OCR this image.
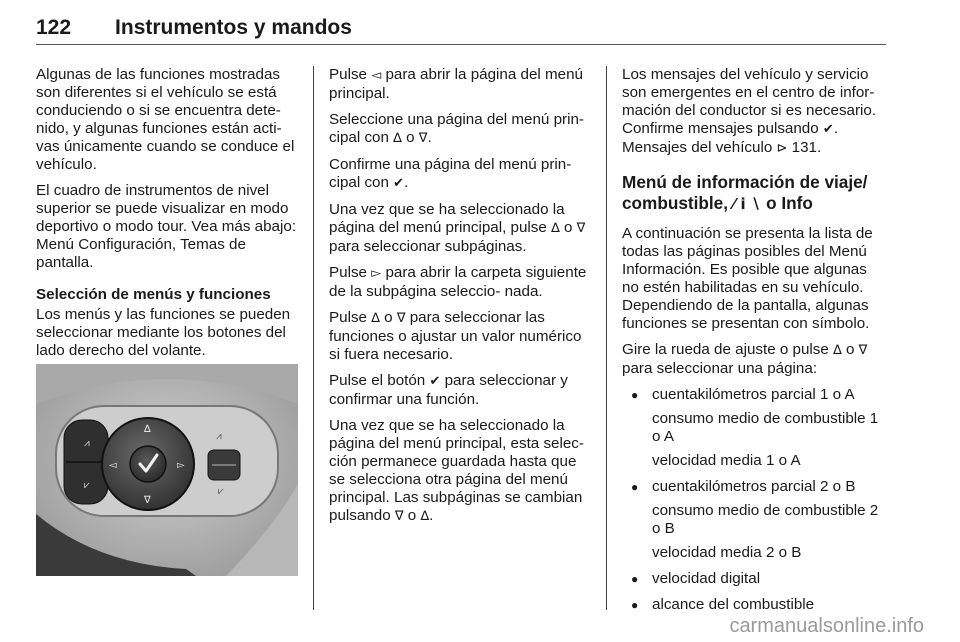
122 Instrumentos y mandos

Algunas de las funciones mostradas son diferentes si el vehículo se está conduciendo o si se encuentra dete- nido, y algunas funciones están acti- vas únicamente cuando se conduce el vehículo.

El cuadro de instrumentos de nivel superior se puede visualizar en modo deportivo o modo tour. Vea más abajo: Menú Configuración, Temas de pantalla.

Selección de menús y funciones

Los menús y las funciones se pueden seleccionar mediante los botones del lado derecho del volante.

⩘
⩗
∆
∇
◅	▻
⩘
⩗

Pulse ◅ para abrir la página del menú principal.

Seleccione una página del menú prin- cipal con ∆ o ∇.

Confirme una página del menú prin- cipal con ✔.

Una vez que se ha seleccionado la página del menú principal, pulse ∆ o ∇ para seleccionar subpáginas.

Pulse ▻ para abrir la carpeta siguiente de la subpágina seleccio- nada.

Pulse ∆ o ∇ para seleccionar las funciones o ajustar un valor numérico si fuera necesario.

Pulse el botón ✔ para seleccionar y confirmar una función.

Una vez que se ha seleccionado la página del menú principal, esta selec- ción permanece guardada hasta que se selecciona otra página del menú principal. Las subpáginas se cambian pulsando ∇ o ∆.

Los mensajes del vehículo y servicio son emergentes en el centro de infor- mación del conductor si es necesario. Confirme mensajes pulsando ✔.
Mensajes del vehículo ⊳ 131.

Menú de información de viaje/ combustible, ⁄ i ∖ o Info

A continuación se presenta la lista de todas las páginas posibles del Menú Información. Es posible que algunas no estén habilitadas en su vehículo. Dependiendo de la pantalla, algunas funciones se presentan con símbolo.

Gire la rueda de ajuste o pulse ∆ o ∇ para seleccionar una página:

● cuentakilómetros parcial 1 o A
consumo medio de combustible 1 o A
velocidad media 1 o A
● cuentakilómetros parcial 2 o B
consumo medio de combustible 2 o B
velocidad media 2 o B
● velocidad digital
● alcance del combustible
carmanualsonline.info
